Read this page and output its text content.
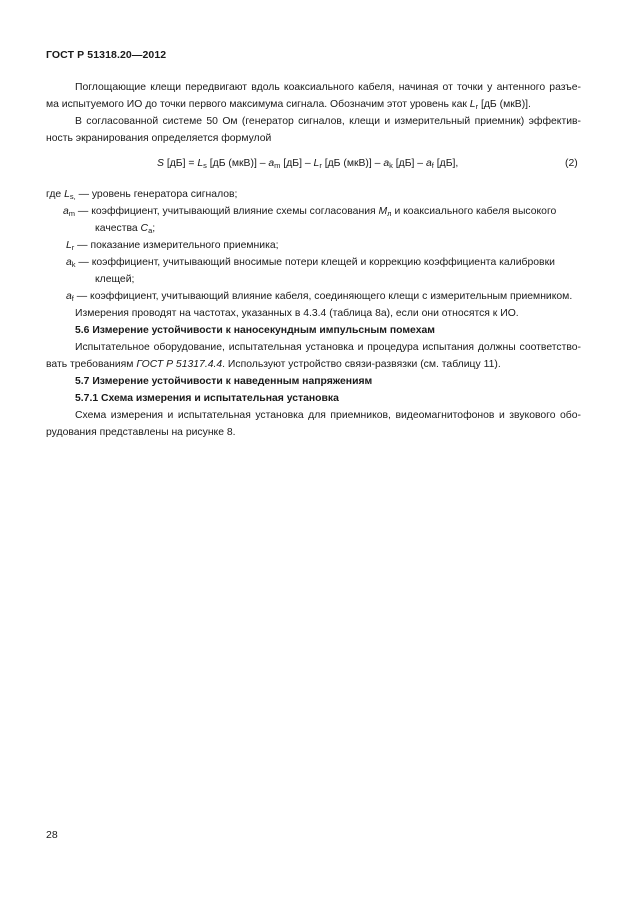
ГОСТ Р 51318.20—2012
Поглощающие клещи передвигают вдоль коаксиального кабеля, начиная от точки у антенного разъе-
ма испытуемого ИО до точки первого максимума сигнала. Обозначим этот уровень как $L_r$ [дБ (мкВ)].
В согласованной системе 50 Ом (генератор сигналов, клещи и измерительный приемник) эффектив-
ность экранирования определяется формулой
S $[дБ] = L_s$ [дБ $(мкВ)] - a_m$ $[дБ] - L_r$ [дБ $(мкВ)] - a_k$ $[дБ] - a_f$ [дБ],	(2)
где $L_{s,}$ — уровень генератора сигналов;
$a_m$ — коэффициент, учитывающий влияние схемы согласования $M_л$ и коаксиального кабеля высокого
качества $C_a$;
$L_r$ — показание измерительного приемника;
$a_k$ — коэффициент, учитывающий вносимые потери клещей и коррекцию коэффициента калибровки
клещей;
$a_f$ — коэффициент, учитывающий влияние кабеля, соединяющего клещи с измерительным приемником.
Измерения проводят на частотах, указанных в 4.3.4 (таблица 8а), если они относятся к ИО.
5.6 Измерение устойчивости к наносекундным импульсным помехам
Испытательное оборудование, испытательная установка и процедура испытания должны соответство-
вать требованиям ГОСТ Р 51317.4.4. Используют устройство связи-развязки (см. таблицу 11).
5.7 Измерение устойчивости к наведенным напряжениям
5.7.1 Схема измерения и испытательная установка
Схема измерения и испытательная установка для приемников, видеомагнитофонов и звукового обо-
рудования представлены на рисунке 8.
28
